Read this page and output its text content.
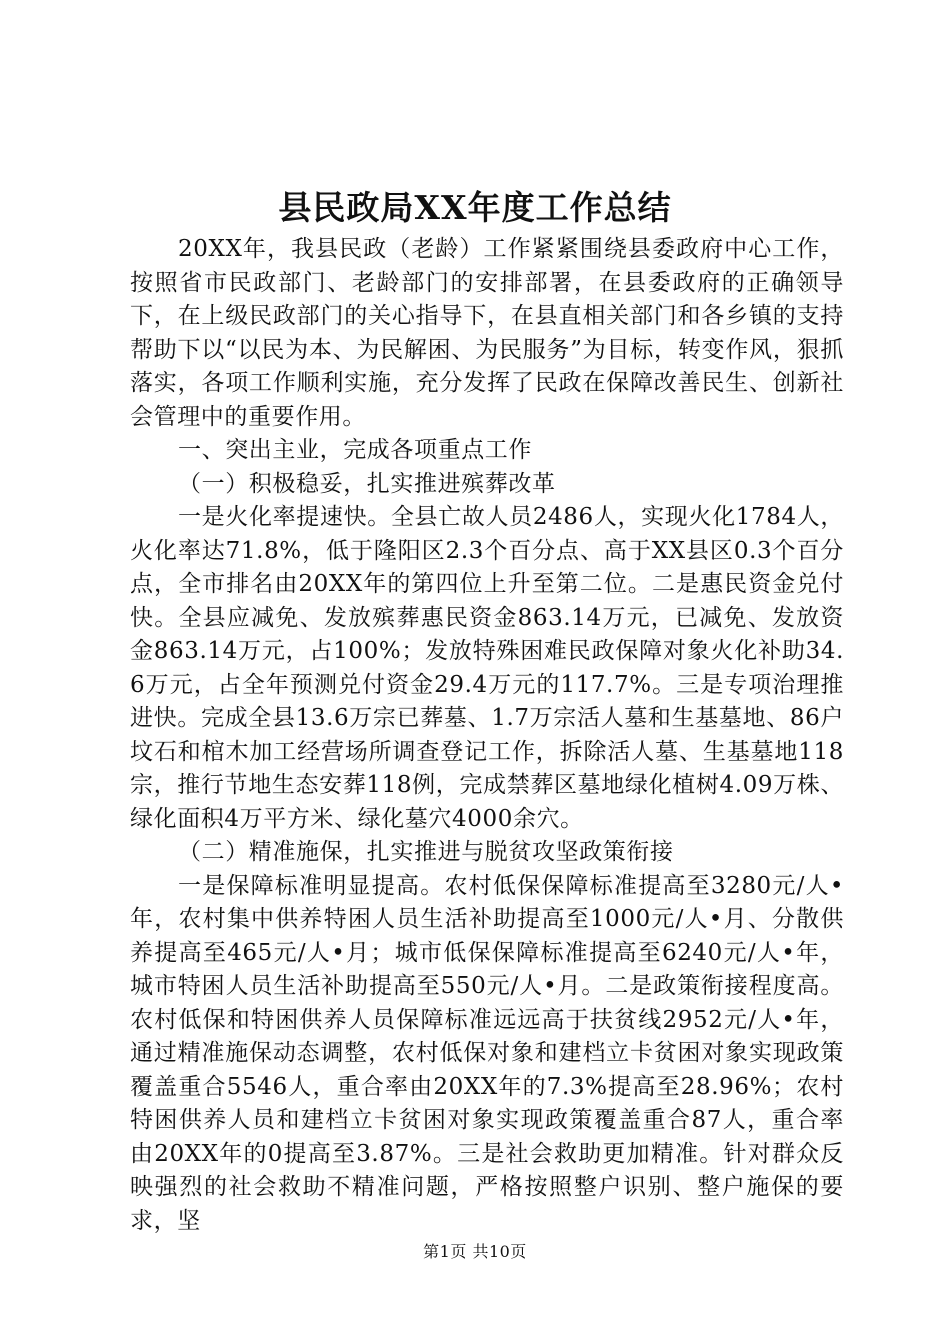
县民政局XX年度工作总结

20XX年，我县民政（老龄）工作紧紧围绕县委政府中心工作，按照省市民政部门、老龄部门的安排部署，在县委政府的正确领导下，在上级民政部门的关心指导下，在县直相关部门和各乡镇的支持帮助下以“以民为本、为民解困、为民服务”为目标，转变作风，狠抓落实，各项工作顺利实施，充分发挥了民政在保障改善民生、创新社会管理中的重要作用。

一、突出主业，完成各项重点工作

（一）积极稳妥，扎实推进殡葬改革

一是火化率提速快。全县亡故人员2486人，实现火化1784人，火化率达71.8%，低于隆阳区2.3个百分点、高于XX县区0.3个百分点，全市排名由20XX年的第四位上升至第二位。二是惠民资金兑付快。全县应减免、发放殡葬惠民资金863.14万元，已减免、发放资金863.14万元，占100%；发放特殊困难民政保障对象火化补助34.6万元，占全年预测兑付资金29.4万元的117.7%。三是专项治理推进快。完成全县13.6万宗已葬墓、1.7万宗活人墓和生基墓地、86户坟石和棺木加工经营场所调查登记工作，拆除活人墓、生基墓地118宗，推行节地生态安葬118例，完成禁葬区墓地绿化植树4.09万株、绿化面积4万平方米、绿化墓穴4000余穴。

（二）精准施保，扎实推进与脱贫攻坚政策衔接

一是保障标准明显提高。农村低保保障标准提高至3280元/人•年，农村集中供养特困人员生活补助提高至1000元/人•月、分散供养提高至465元/人•月；城市低保保障标准提高至6240元/人•年，城市特困人员生活补助提高至550元/人•月。二是政策衔接程度高。农村低保和特困供养人员保障标准远远高于扶贫线2952元/人•年，通过精准施保动态调整，农村低保对象和建档立卡贫困对象实现政策覆盖重合5546人，重合率由20XX年的7.3%提高至28.96%；农村特困供养人员和建档立卡贫困对象实现政策覆盖重合87人，重合率由20XX年的0提高至3.87%。三是社会救助更加精准。针对群众反映强烈的社会救助不精准问题，严格按照整户识别、整户施保的要求，坚

第1页 共10页
